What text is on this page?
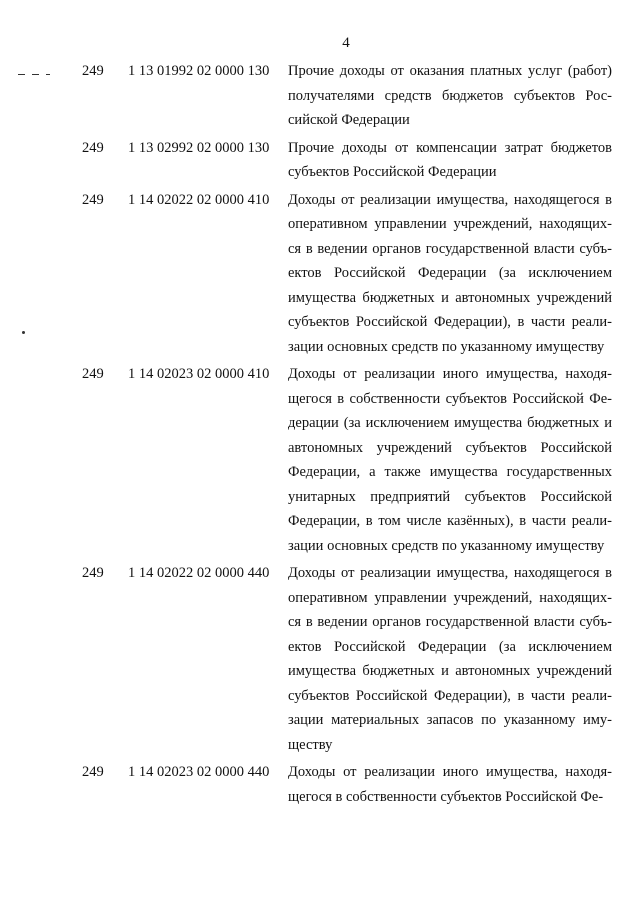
4
249 1 13 01992 02 0000 130 Прочие доходы от оказания платных услуг (работ)
получателями средств бюджетов субъектов Рос-
сийской Федерации
249 1 13 02992 02 0000 130 Прочие доходы от компенсации затрат бюджетов
субъектов Российской Федерации
249 1 14 02022 02 0000 410 Доходы от реализации имущества, находящегося в
оперативном управлении учреждений, находящих-
ся в ведении органов государственной власти субъ-
ектов Российской Федерации (за исключением
имущества бюджетных и автономных учреждений
субъектов Российской Федерации), в части реали-
зации основных средств по указанному имуществу
249 1 14 02023 02 0000 410 Доходы от реализации иного имущества, находя-
щегося в собственности субъектов Российской Фе-
дерации (за исключением имущества бюджетных и
автономных учреждений субъектов Российской
Федерации, а также имущества государственных
унитарных предприятий субъектов Российской
Федерации, в том числе казённых), в части реали-
зации основных средств по указанному имуществу
249 1 14 02022 02 0000 440 Доходы от реализации имущества, находящегося в
оперативном управлении учреждений, находящих-
ся в ведении органов государственной власти субъ-
ектов Российской Федерации (за исключением
имущества бюджетных и автономных учреждений
субъектов Российской Федерации), в части реали-
зации материальных запасов по указанному иму-
ществу
249 1 14 02023 02 0000 440 Доходы от реализации иного имущества, находя-
щегося в собственности субъектов Российской Фе-
